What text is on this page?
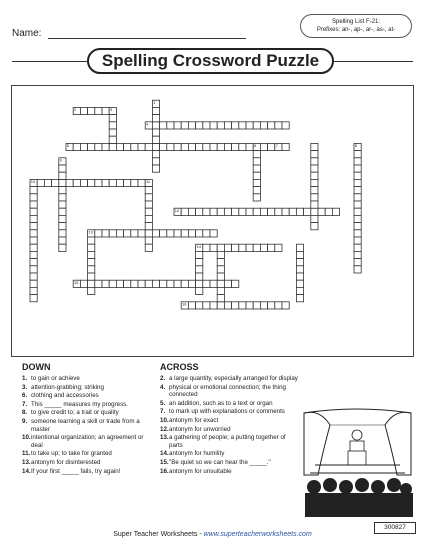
Name:
Spelling List F-21:
Prefixes: an-, ap-, ar-, as-, at-
Spelling Crossword Puzzle
1
2	3
4
5	6	7	8
9
10	11
12
13
14
15
16
DOWN
1. to gain or achieve
3. attention-grabbing; striking
6. clothing and accessories
7. This _____ measures my progress.
8. to give credit to; a trait or quality
9. someone learning a skill or trade from a master
10. intentional organization; an agreement or deal
11. to take up; to take for granted
13. antonym for disinterested
14. If your first _____ fails, try again!
ACROSS
2. a large quantity, especially arranged for display
4. physical or emotional connection; the thing connected
5. an addition, such as to a text or organ
7. to mark up with explanations or comments
10. antonym for exact
12. antonym for unworried
13. a gathering of people; a putting together of parts
14. antonym for humility
15. "Be quiet so we can hear the _____."
16. antonym for unsuitable
Super Teacher Worksheets - www.superteacherworksheets.com
300827
